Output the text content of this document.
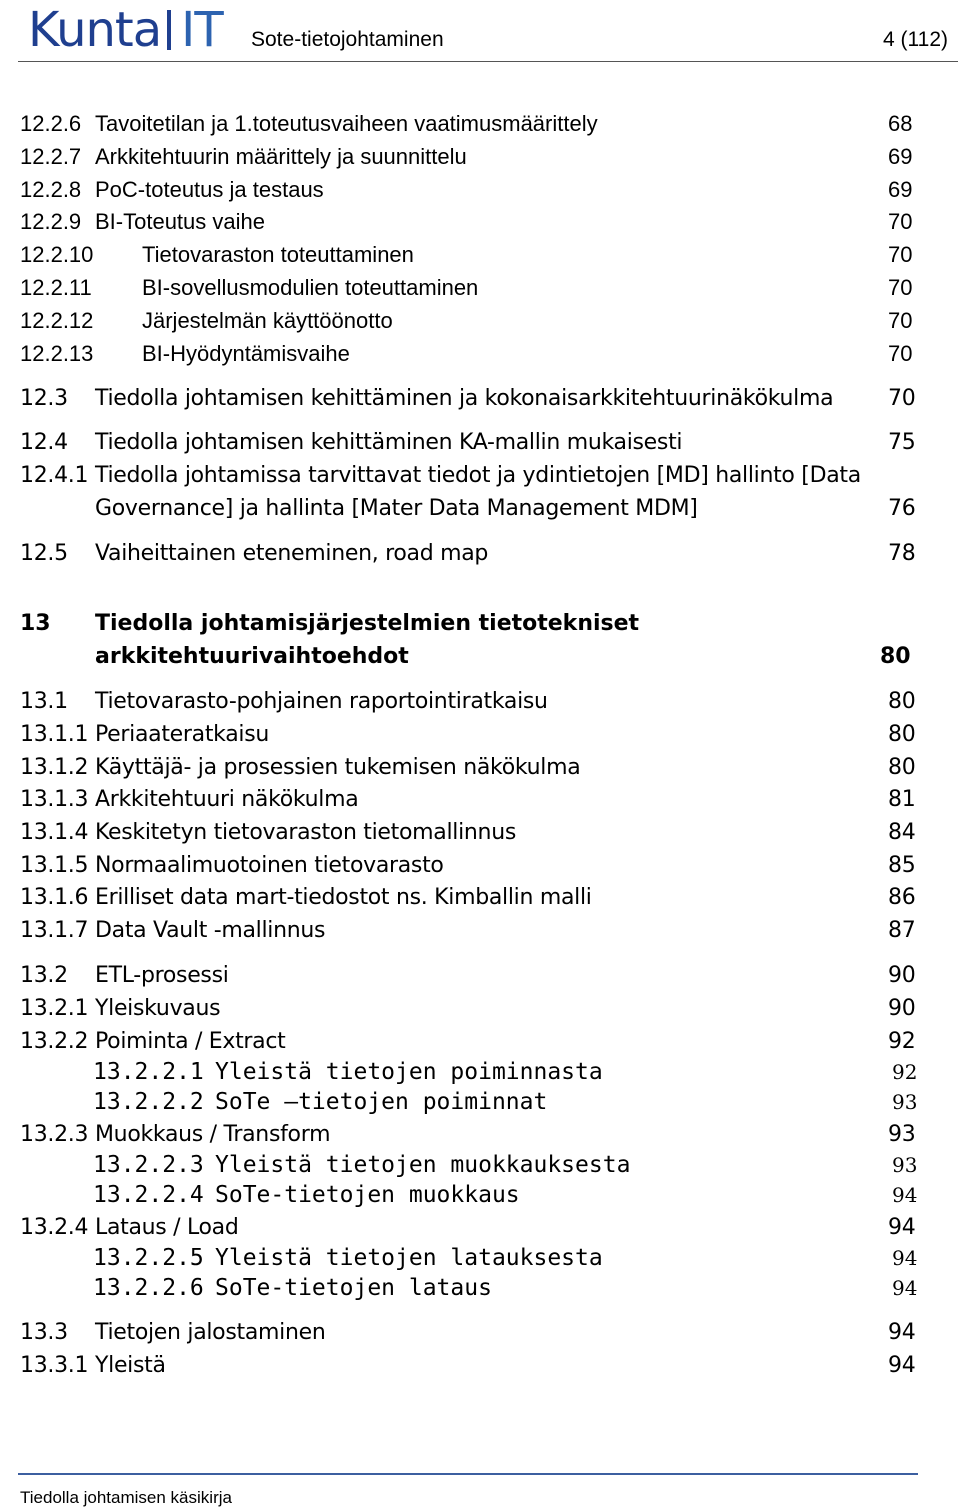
Kunta IT Sote-tietojohtaminen	4 (112)
12.2.6 Tavoitetilan ja 1.toteutusvaiheen vaatimusmäärittely	68
12.2.7 Arkkitehtuurin määrittely ja suunnittelu	69
12.2.8 PoC-toteutus ja testaus	69
12.2.9 BI-Toteutus vaihe	70
12.2.10 Tietovaraston toteuttaminen	70
12.2.11 BI-sovellusmodulien toteuttaminen	70
12.2.12 Järjestelmän käyttöönotto	70
12.2.13 BI-Hyödyntämisvaihe	70
12.3 Tiedolla johtamisen kehittäminen ja kokonaisarkkitehtuurinäkökulma 70
12.4 Tiedolla johtamisen kehittäminen KA-mallin mukaisesti	75
12.4.1 Tiedolla johtamissa tarvittavat tiedot ja ydintietojen [MD] hallinto [Data
Governance] ja hallinta [Mater Data Management MDM]	76
12.5 Vaiheittainen eteneminen, road map	78
13 Tiedolla johtamisjärjestelmien tietotekniset
arkkitehtuurivaihtoehdot	80
13.1 Tietovarasto-pohjainen raportointiratkaisu	80
13.1.1 Periaateratkaisu	80
13.1.2 Käyttäjä- ja prosessien tukemisen näkökulma	80
13.1.3 Arkkitehtuuri näkökulma	81
13.1.4 Keskitetyn tietovaraston tietomallinnus	84
13.1.5 Normaalimuotoinen tietovarasto	85
13.1.6 Erilliset data mart-tiedostot ns. Kimballin malli	86
13.1.7 Data Vault -mallinnus	87
13.2 ETL-prosessi	90
13.2.1 Yleiskuvaus	90
13.2.2 Poiminta / Extract	92
13.2.2.1 Yleistä tietojen poiminnasta	92
13.2.2.2 SoTe –tietojen poiminnat	93
13.2.3 Muokkaus / Transform	93
13.2.2.3 Yleistä tietojen muokkauksesta	93
13.2.2.4 SoTe-tietojen muokkaus	94
13.2.4 Lataus / Load	94
13.2.2.5 Yleistä tietojen latauksesta	94
13.2.2.6 SoTe-tietojen lataus	94
13.3 Tietojen jalostaminen	94
13.3.1 Yleistä	94
Tiedolla johtamisen käsikirja
